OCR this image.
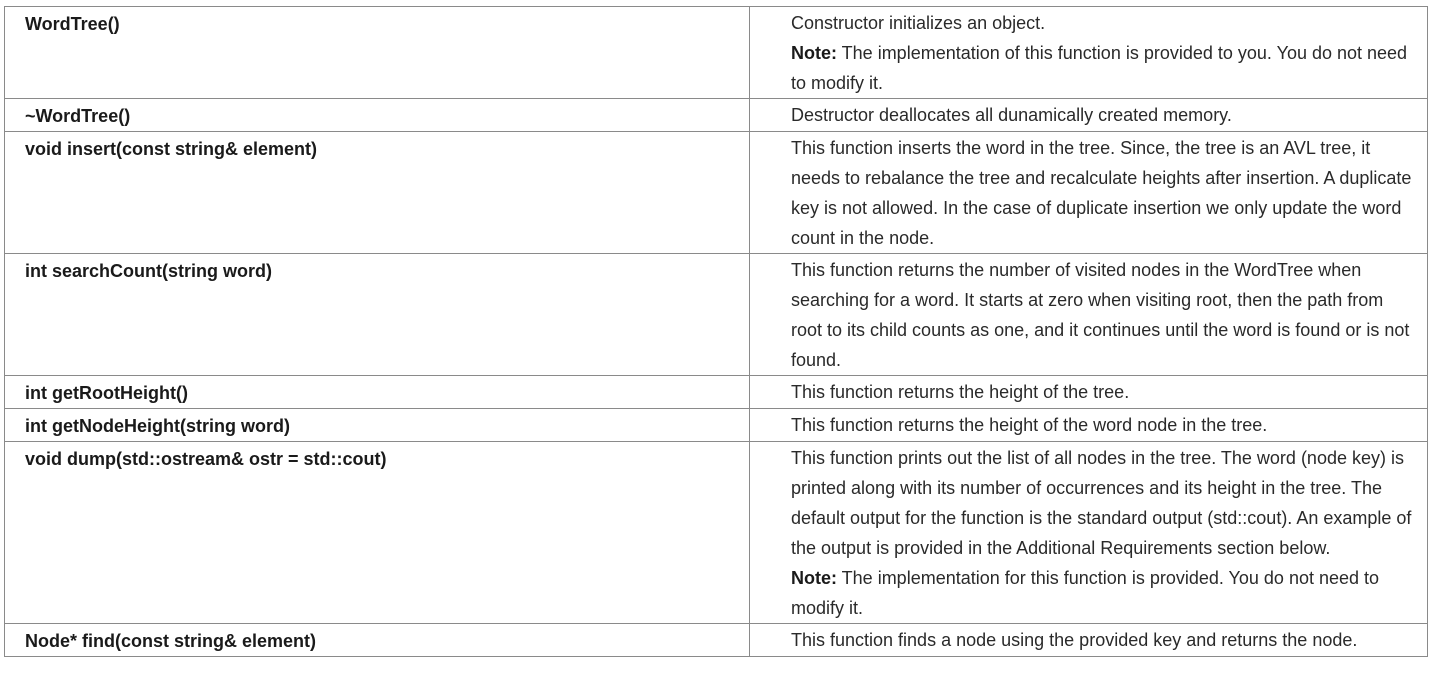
WordTree()	Constructor initializes an object.
Note: The implementation of this function is provided to you. You do not need to modify it.

~WordTree()	Destructor deallocates all dunamically created memory.

void insert(const string& element)	This function inserts the word in the tree. Since, the tree is an AVL tree, it needs to rebalance the tree and recalculate heights after insertion. A duplicate key is not allowed. In the case of duplicate insertion we only update the word count in the node.

int searchCount(string word)	This function returns the number of visited nodes in the WordTree when searching for a word. It starts at zero when visiting root, then the path from root to its child counts as one, and it continues until the word is found or is not found.

int getRootHeight()	This function returns the height of the tree.

int getNodeHeight(string word)	This function returns the height of the word node in the tree.

void dump(std::ostream& ostr = std::cout)	This function prints out the list of all nodes in the tree. The word (node key) is printed along with its number of occurrences and its height in the tree. The default output for the function is the standard output (std::cout). An example of the output is provided in the Additional Requirements section below.
Note: The implementation for this function is provided. You do not need to modify it.

Node* find(const string& element)	This function finds a node using the provided key and returns the node.
